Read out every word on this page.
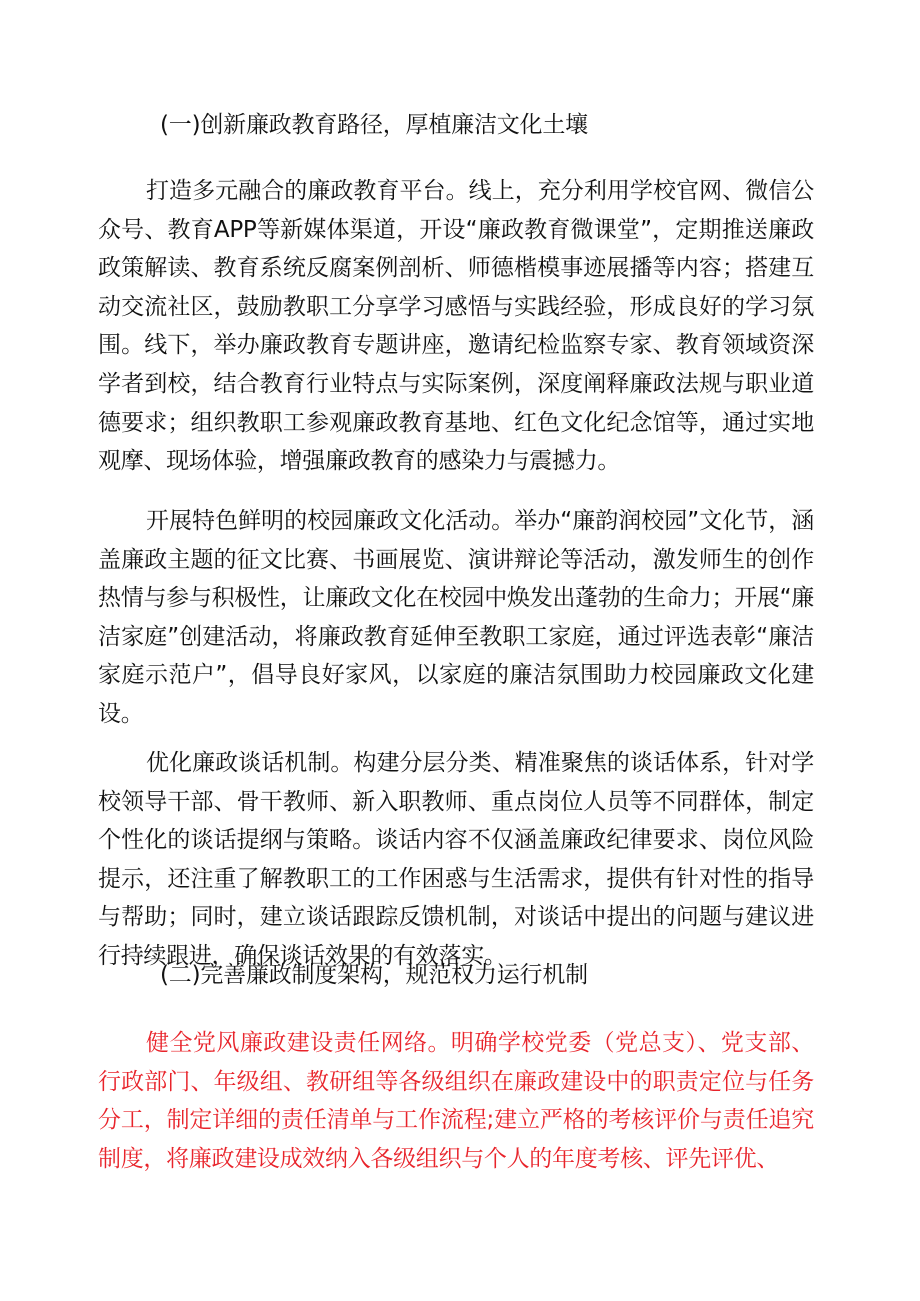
(一)创新廉政教育路径，厚植廉洁文化土壤

打造多元融合的廉政教育平台。线上，充分利用学校官网、微信公众号、教育APP等新媒体渠道，开设“廉政教育微课堂”，定期推送廉政政策解读、教育系统反腐案例剖析、师德楷模事迹展播等内容；搭建互动交流社区，鼓励教职工分享学习感悟与实践经验，形成良好的学习氛围。线下，举办廉政教育专题讲座，邀请纪检监察专家、教育领域资深学者到校，结合教育行业特点与实际案例，深度阐释廉政法规与职业道德要求；组织教职工参观廉政教育基地、红色文化纪念馆等，通过实地观摩、现场体验，增强廉政教育的感染力与震撼力。

开展特色鲜明的校园廉政文化活动。举办“廉韵润校园”文化节，涵盖廉政主题的征文比赛、书画展览、演讲辩论等活动，激发师生的创作热情与参与积极性，让廉政文化在校园中焕发出蓬勃的生命力；开展“廉洁家庭”创建活动，将廉政教育延伸至教职工家庭，通过评选表彰“廉洁家庭示范户”，倡导良好家风，以家庭的廉洁氛围助力校园廉政文化建设。

优化廉政谈话机制。构建分层分类、精准聚焦的谈话体系，针对学校领导干部、骨干教师、新入职教师、重点岗位人员等不同群体，制定个性化的谈话提纲与策略。谈话内容不仅涵盖廉政纪律要求、岗位风险提示，还注重了解教职工的工作困惑与生活需求，提供有针对性的指导与帮助；同时，建立谈话跟踪反馈机制，对谈话中提出的问题与建议进行持续跟进，确保谈话效果的有效落实。

(二)完善廉政制度架构，规范权力运行机制

健全党风廉政建设责任网络。明确学校党委（党总支）、党支部、行政部门、年级组、教研组等各级组织在廉政建设中的职责定位与任务分工，制定详细的责任清单与工作流程;建立严格的考核评价与责任追究制度，将廉政建设成效纳入各级组织与个人的年度考核、评先评优、
